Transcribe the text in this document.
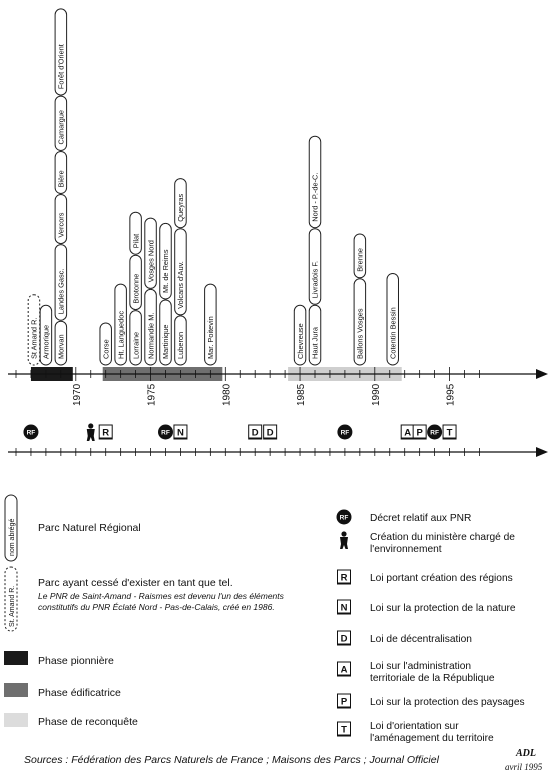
1970	1975	1980	1985	1990	1995
St Amand R. Armorique Morvan
Landes Gasc.
Vercors
Bière
Camargue
Forêt d'Orient
Corse Ht. Languedoc Lorraine
Brotonne
Pilat
Normandie M.
Vosges Nord
Martinique
Mt. de Reims
Luberon
Volcans d'Auv.
Queyras
Mar. Poitevin	Chevreuse Haut Jura
Livradois F.
Nord - P.-de-C.
Ballons Vosges
Brenne
Cotentin Bessin
RF	R	RF N	D D	RF	A P RF T
nom abrégé Parc Naturel Régional
St. Amand R.
Parc ayant cessé d'exister en tant que tel.
Le PNR de Saint-Amand - Raismes est devenu l'un des éléments
constitutifs du PNR Éclaté Nord - Pas-de-Calais, créé en 1986.
Phase pionnière
Phase édificatrice
Phase de reconquête
RF Décret relatif aux PNR
Création du ministère chargé de
l'environnement
R Loi portant création des régions
N Loi sur la protection de la nature
D Loi de décentralisation
A Loi sur l'administration
territoriale de la République
P Loi sur la protection des paysages
T Loi d'orientation sur
l'aménagement du territoire
Sources : Fédération des Parcs Naturels de France ; Maisons des Parcs ; Journal Officiel
ADL
avril 1995
